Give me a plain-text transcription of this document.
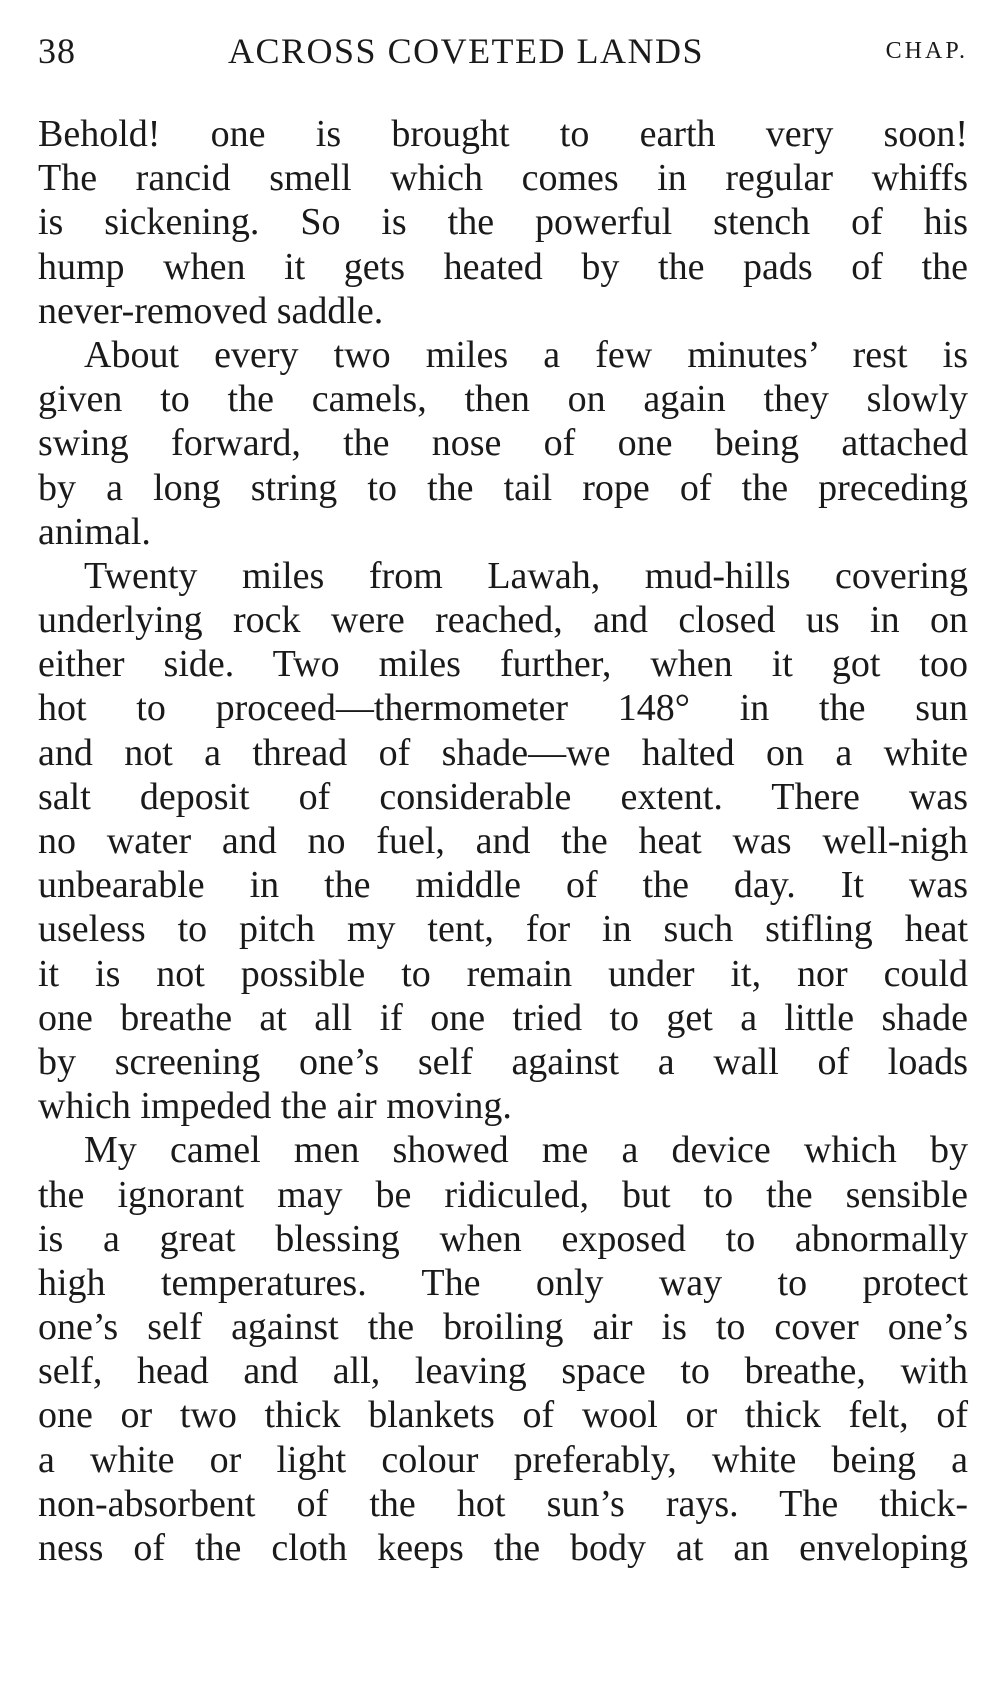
38	ACROSS COVETED LANDS	CHAP.
Behold! one is brought to earth very soon!
The rancid smell which comes in regular whiffs
is sickening. So is the powerful stench of his
hump when it gets heated by the pads of the
never-removed saddle.
About every two miles a few minutes’ rest is
given to the camels, then on again they slowly
swing forward, the nose of one being attached
by a long string to the tail rope of the preceding
animal.
Twenty miles from Lawah, mud-hills covering
underlying rock were reached, and closed us in on
either side. Two miles further, when it got too
hot to proceed—thermometer 148° in the sun
and not a thread of shade—we halted on a white
salt deposit of considerable extent. There was
no water and no fuel, and the heat was well-nigh
unbearable in the middle of the day. It was
useless to pitch my tent, for in such stifling heat
it is not possible to remain under it, nor could
one breathe at all if one tried to get a little shade
by screening one’s self against a wall of loads
which impeded the air moving.
My camel men showed me a device which by
the ignorant may be ridiculed, but to the sensible
is a great blessing when exposed to abnormally
high temperatures. The only way to protect
one’s self against the broiling air is to cover one’s
self, head and all, leaving space to breathe, with
one or two thick blankets of wool or thick felt, of
a white or light colour preferably, white being a
non-absorbent of the hot sun’s rays. The thick-
ness of the cloth keeps the body at an enveloping
